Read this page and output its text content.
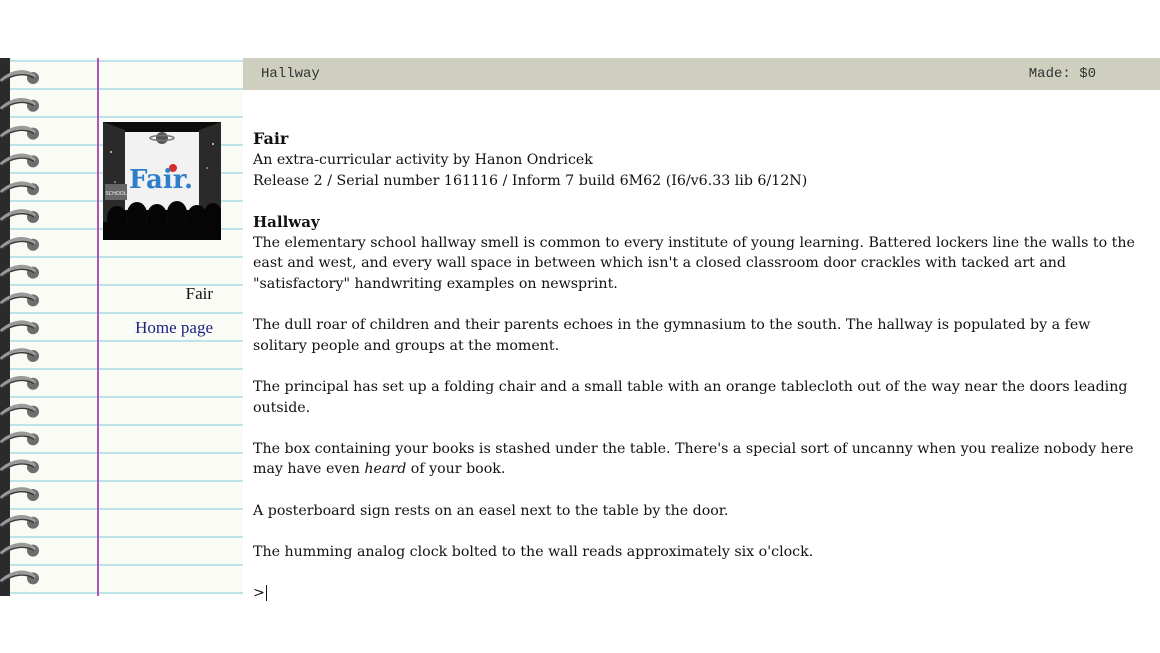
Fair.
SCHOOL
Fair
Home page
Hallway	Made: $0
Fair
An extra-curricular activity by Hanon Ondricek
Release 2 / Serial number 161116 / Inform 7 build 6M62 (I6/v6.33 lib 6/12N)
Hallway
The elementary school hallway smell is common to every institute of young learning. Battered lockers line the walls to the east and west, and every wall space in between which isn't a closed classroom door crackles with tacked art and "satisfactory" handwriting examples on newsprint.
The dull roar of children and their parents echoes in the gymnasium to the south. The hallway is populated by a few solitary people and groups at the moment.
The principal has set up a folding chair and a small table with an orange tablecloth out of the way near the doors leading outside.
The box containing your books is stashed under the table. There's a special sort of uncanny when you realize nobody here may have even heard of your book.
A posterboard sign rests on an easel next to the table by the door.
The humming analog clock bolted to the wall reads approximately six o'clock.
>
